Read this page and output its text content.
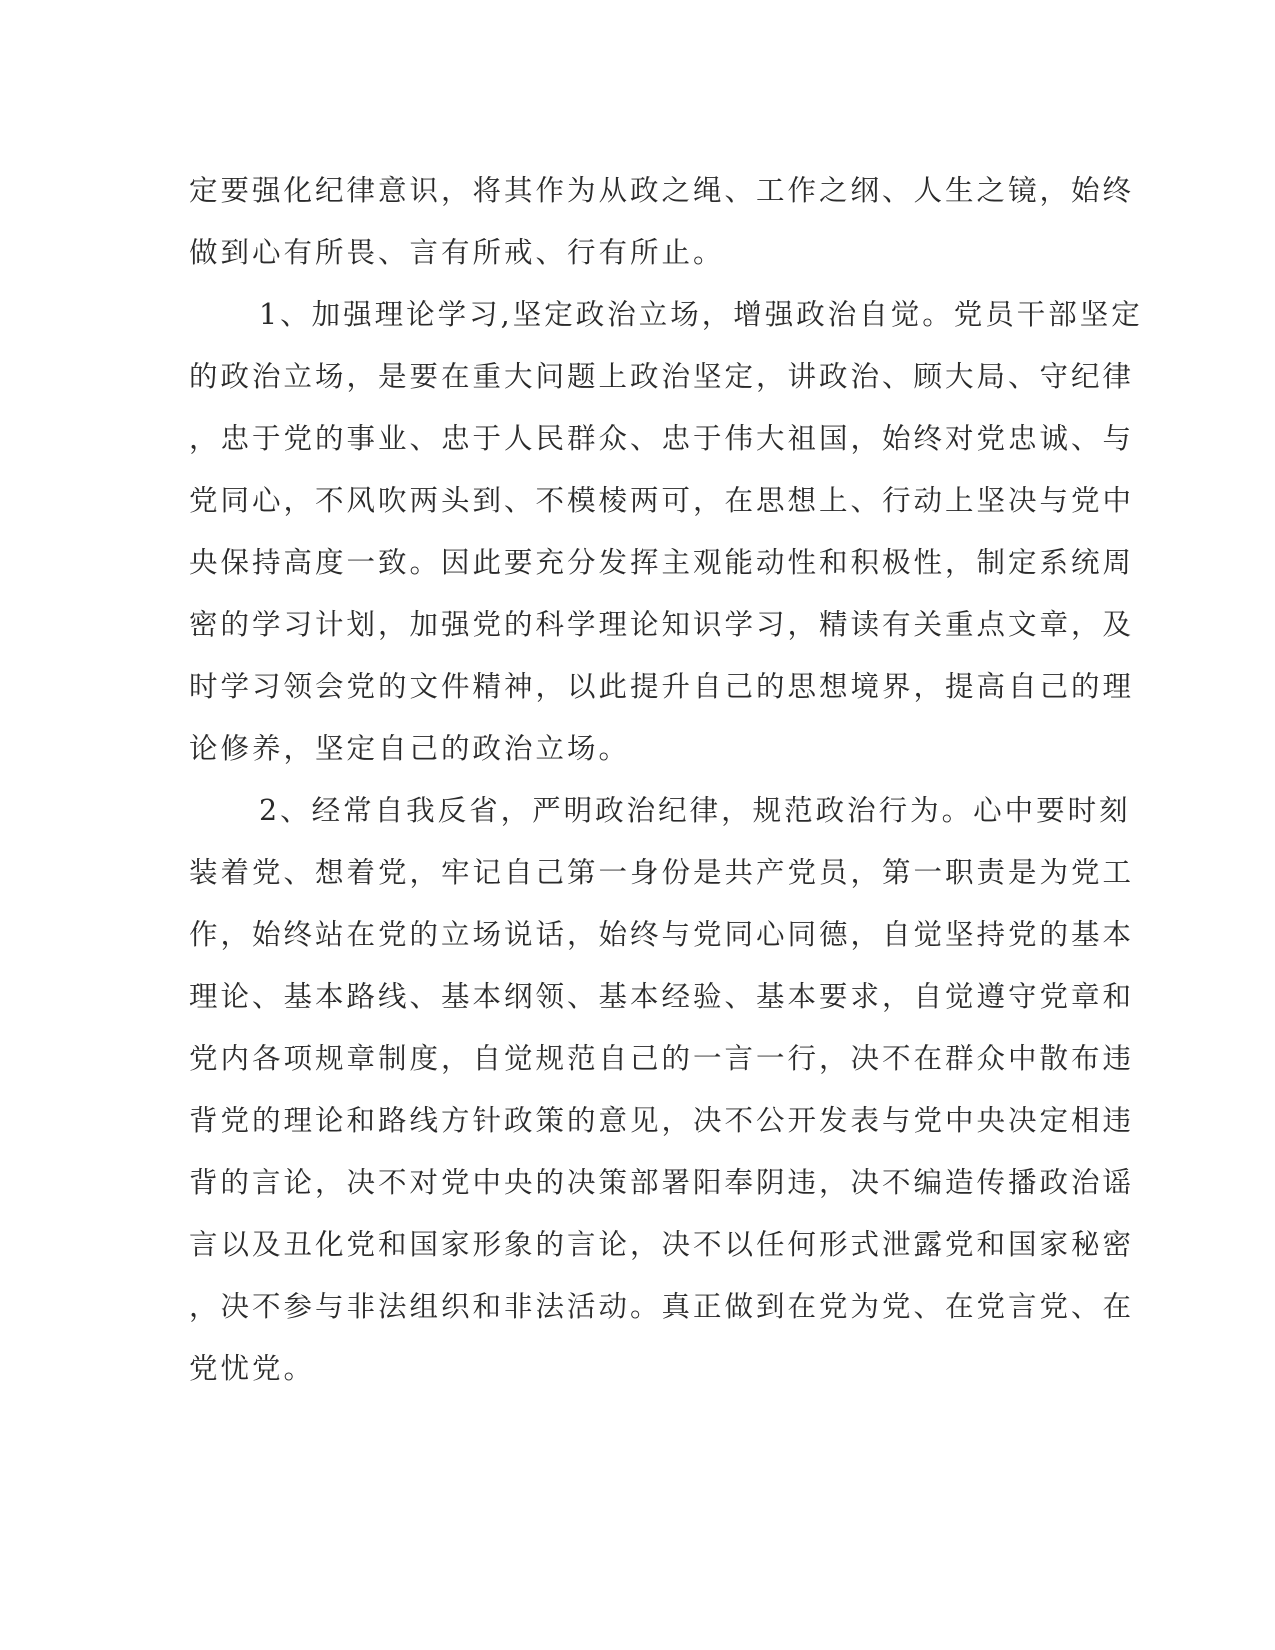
定要强化纪律意识，将其作为从政之绳、工作之纲、人生之镜，始终
做到心有所畏、言有所戒、行有所止。
1、加强理论学习,坚定政治立场，增强政治自觉。党员干部坚定
的政治立场，是要在重大问题上政治坚定，讲政治、顾大局、守纪律
，忠于党的事业、忠于人民群众、忠于伟大祖国，始终对党忠诚、与
党同心，不风吹两头到、不模棱两可，在思想上、行动上坚决与党中
央保持高度一致。因此要充分发挥主观能动性和积极性，制定系统周
密的学习计划，加强党的科学理论知识学习，精读有关重点文章，及
时学习领会党的文件精神，以此提升自己的思想境界，提高自己的理
论修养，坚定自己的政治立场。
2、经常自我反省，严明政治纪律，规范政治行为。心中要时刻
装着党、想着党，牢记自己第一身份是共产党员，第一职责是为党工
作，始终站在党的立场说话，始终与党同心同德，自觉坚持党的基本
理论、基本路线、基本纲领、基本经验、基本要求，自觉遵守党章和
党内各项规章制度，自觉规范自己的一言一行，决不在群众中散布违
背党的理论和路线方针政策的意见，决不公开发表与党中央决定相违
背的言论，决不对党中央的决策部署阳奉阴违，决不编造传播政治谣
言以及丑化党和国家形象的言论，决不以任何形式泄露党和国家秘密
，决不参与非法组织和非法活动。真正做到在党为党、在党言党、在
党忧党。
